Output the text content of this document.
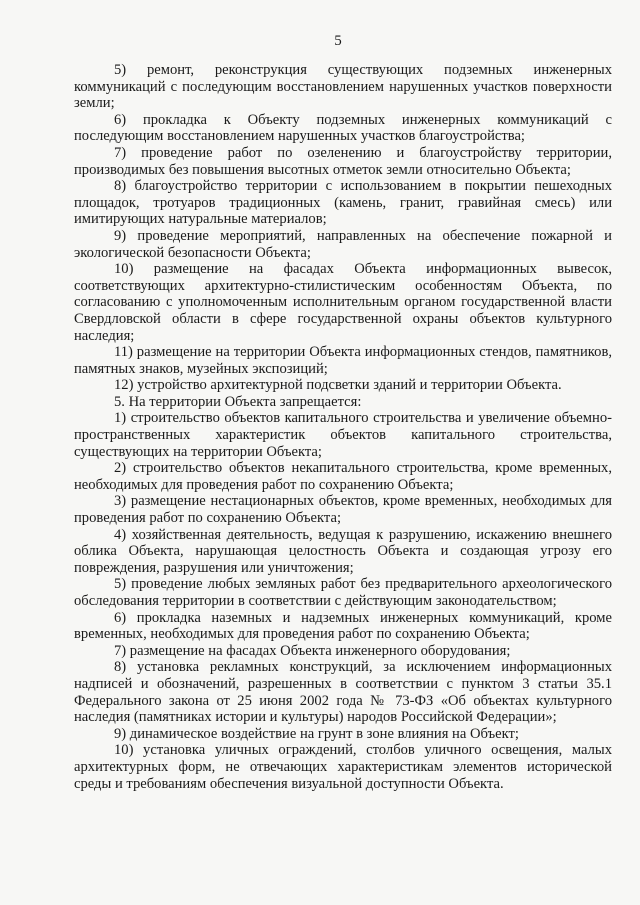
5

5) ремонт, реконструкция существующих подземных инженерных коммуникаций с последующим восстановлением нарушенных участков поверхности земли;

6) прокладка к Объекту подземных инженерных коммуникаций с последующим восстановлением нарушенных участков благоустройства;

7) проведение работ по озеленению и благоустройству территории, производимых без повышения высотных отметок земли относительно Объекта;

8) благоустройство территории с использованием в покрытии пешеходных площадок, тротуаров традиционных (камень, гранит, гравийная смесь) или имитирующих натуральные материалов;

9) проведение мероприятий, направленных на обеспечение пожарной и экологической безопасности Объекта;

10) размещение на фасадах Объекта информационных вывесок, соответствующих архитектурно-стилистическим особенностям Объекта, по согласованию с уполномоченным исполнительным органом государственной власти Свердловской области в сфере государственной охраны объектов культурного наследия;

11) размещение на территории Объекта информационных стендов, памятников, памятных знаков, музейных экспозиций;

12) устройство архитектурной подсветки зданий и территории Объекта.

5. На территории Объекта запрещается:

1) строительство объектов капитального строительства и увеличение объемно-пространственных характеристик объектов капитального строительства, существующих на территории Объекта;

2) строительство объектов некапитального строительства, кроме временных, необходимых для проведения работ по сохранению Объекта;

3) размещение нестационарных объектов, кроме временных, необходимых для проведения работ по сохранению Объекта;

4) хозяйственная деятельность, ведущая к разрушению, искажению внешнего облика Объекта, нарушающая целостность Объекта и создающая угрозу его повреждения, разрушения или уничтожения;

5) проведение любых земляных работ без предварительного археологического обследования территории в соответствии с действующим законодательством;

6) прокладка наземных и надземных инженерных коммуникаций, кроме временных, необходимых для проведения работ по сохранению Объекта;

7) размещение на фасадах Объекта инженерного оборудования;

8) установка рекламных конструкций, за исключением информационных надписей и обозначений, разрешенных в соответствии с пунктом 3 статьи 35.1 Федерального закона от 25 июня 2002 года № 73-ФЗ «Об объектах культурного наследия (памятниках истории и культуры) народов Российской Федерации»;

9) динамическое воздействие на грунт в зоне влияния на Объект;

10) установка уличных ограждений, столбов уличного освещения, малых архитектурных форм, не отвечающих характеристикам элементов исторической среды и требованиям обеспечения визуальной доступности Объекта.
